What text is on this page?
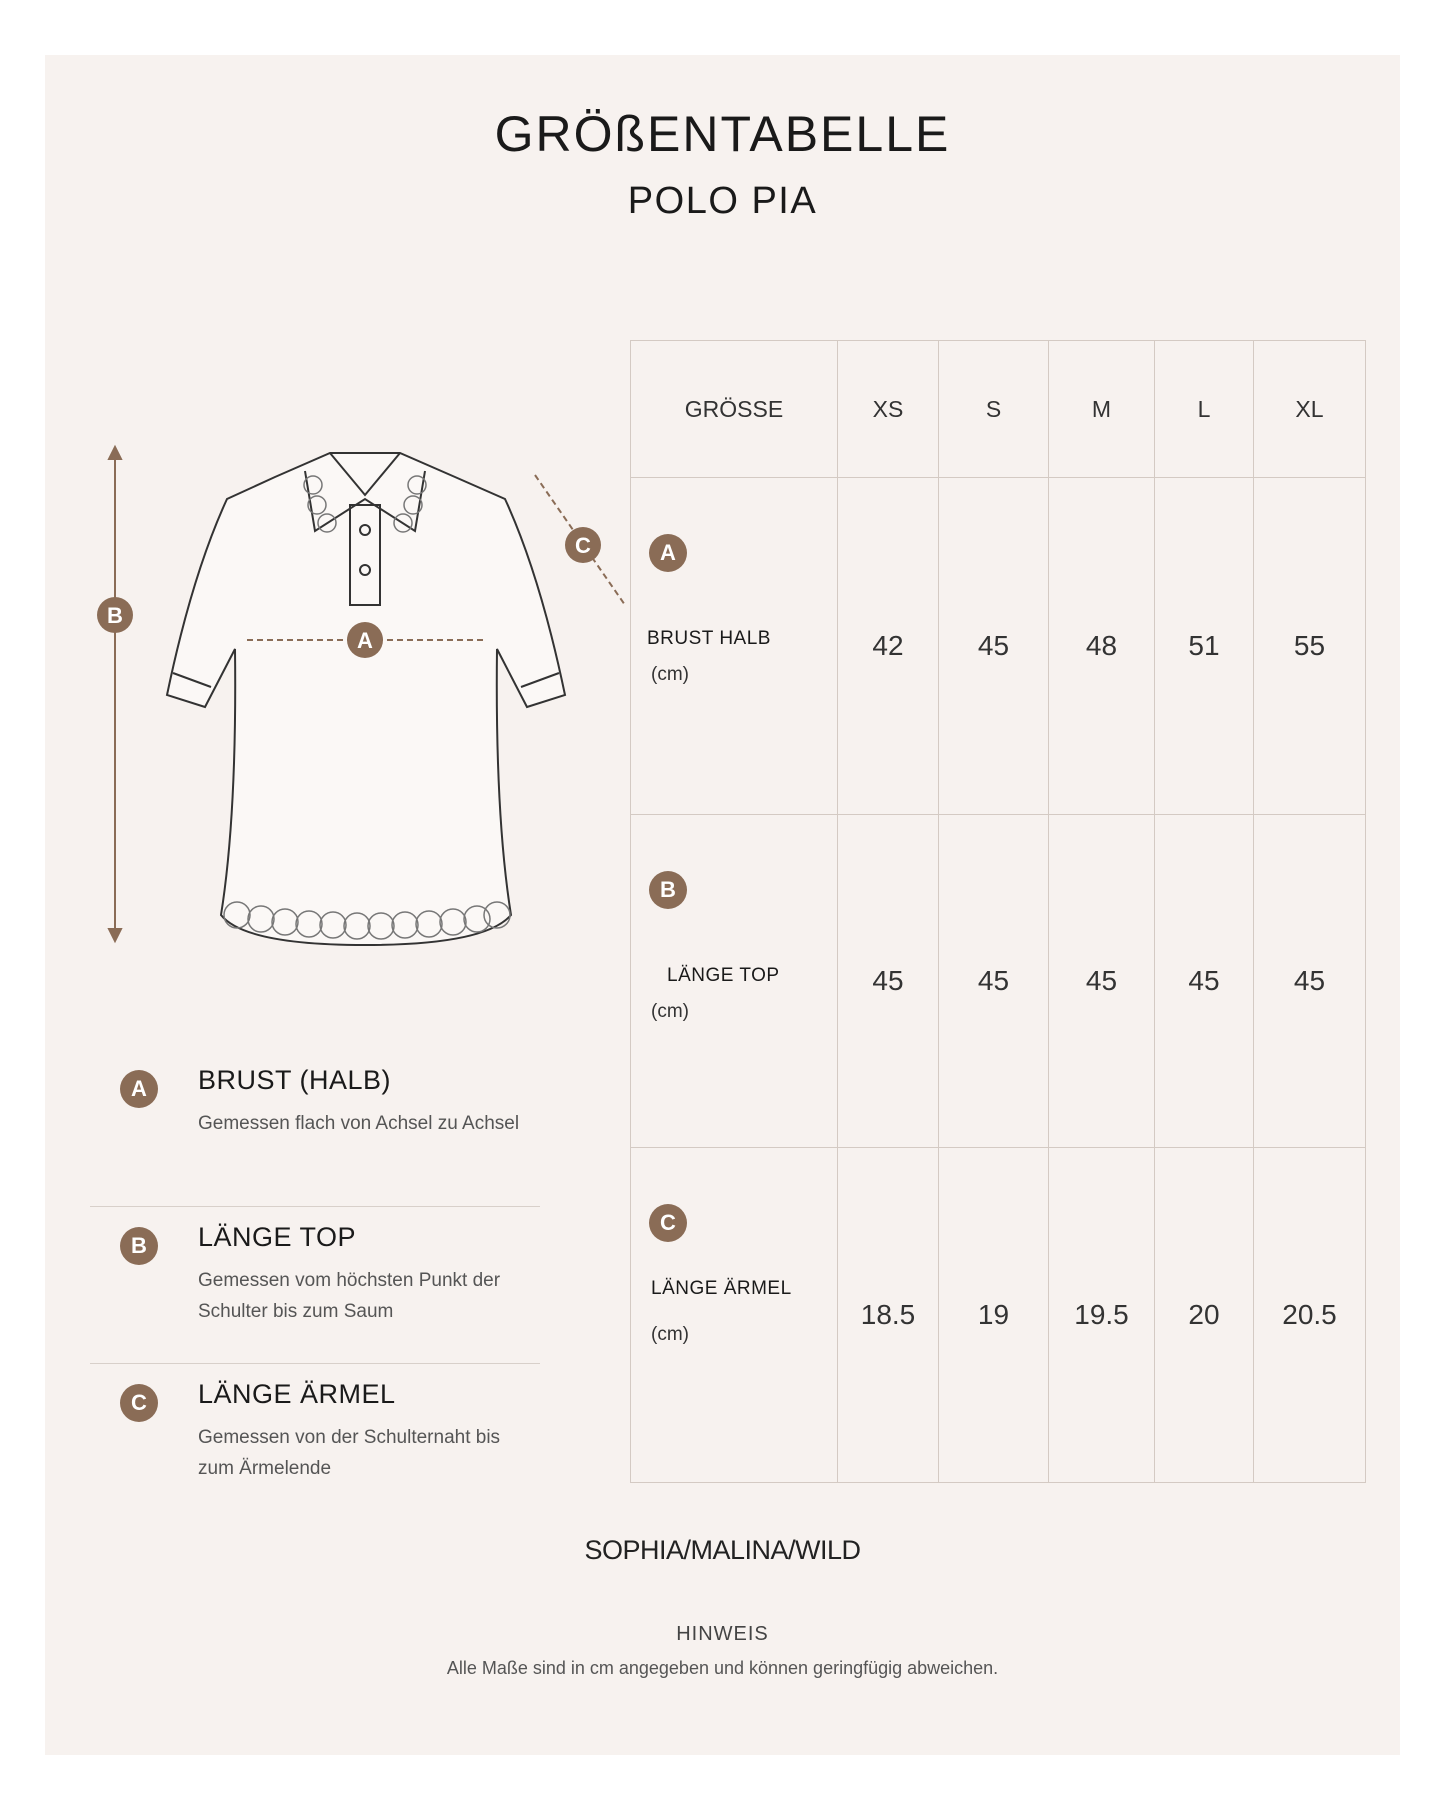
GRÖßENTABELLE
POLO PIA
A
B
C
A	BRUST (HALB)
Gemessen flach von Achsel zu Achsel
B	LÄNGE TOP
Gemessen vom höchsten Punkt der Schulter bis zum Saum
C	LÄNGE ÄRMEL
Gemessen von der Schulternaht bis zum Ärmelende
GRÖSSE	XS	S	M	L	XL

A
BRUST HALB
(cm)	42	45	48	51	55

B
LÄNGE TOP
(cm)	45	45	45	45	45

C
LÄNGE ÄRMEL
(cm)	18.5	19	19.5	20	20.5
SOPHIA/MALINA/WILD
HINWEIS
Alle Maße sind in cm angegeben und können geringfügig abweichen.
